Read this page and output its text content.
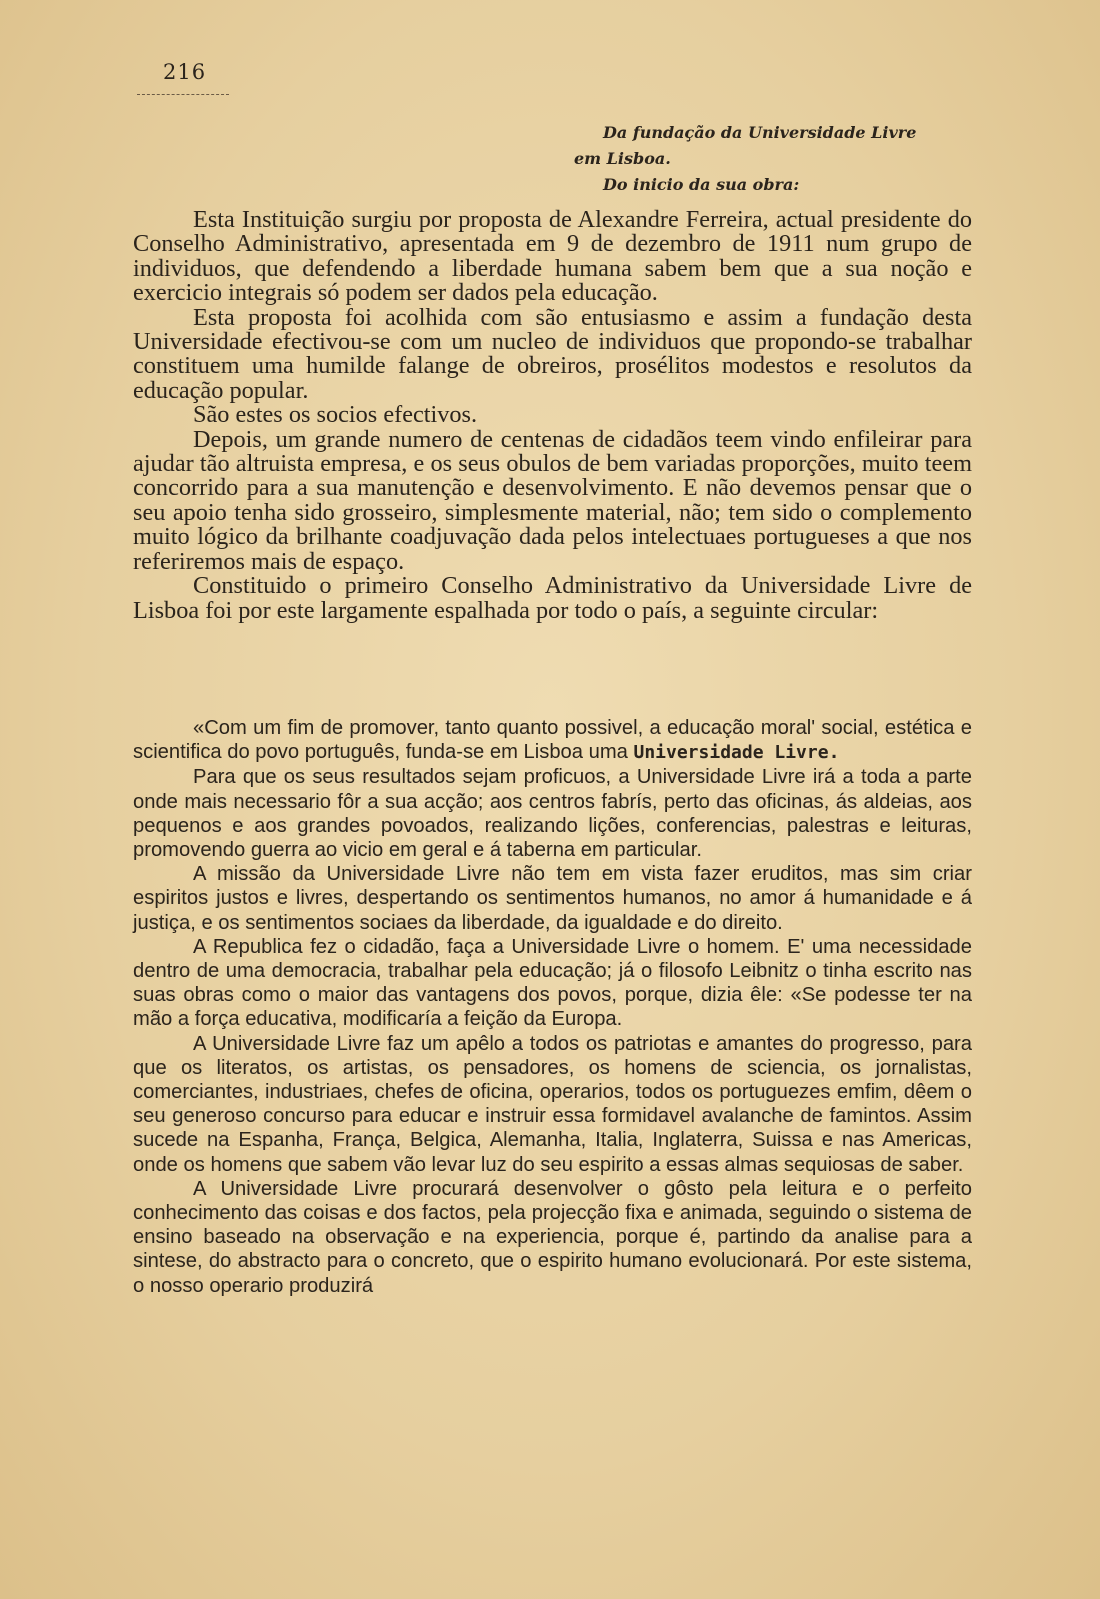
216
Da fundação da Universidade Livre
em Lisboa.
Do inicio da sua obra:

Esta Instituição surgiu por proposta de Alexandre Ferreira, actual presidente do Conselho Administrativo, apresentada em 9 de dezembro de 1911 num grupo de individuos, que defendendo a liberdade humana sabem bem que a sua noção e exercicio integrais só podem ser dados pela educação.

Esta proposta foi acolhida com são entusiasmo e assim a fundação desta Universidade efectivou-se com um nucleo de individuos que propondo-se trabalhar constituem uma humilde falange de obreiros, prosélitos modestos e resolutos da educação popular.

São estes os socios efectivos.

Depois, um grande numero de centenas de cidadãos teem vindo enfileirar para ajudar tão altruista empresa, e os seus obulos de bem variadas proporções, muito teem concorrido para a sua manutenção e desenvolvimento. E não devemos pensar que o seu apoio tenha sido grosseiro, simplesmente material, não; tem sido o complemento muito lógico da brilhante coadjuvação dada pelos intelectuaes portugueses a que nos referiremos mais de espaço.

Constituido o primeiro Conselho Administrativo da Universidade Livre de Lisboa foi por este largamente espalhada por todo o país, a seguinte circular:

«Com um fim de promover, tanto quanto possivel, a educação moral' social, estética e scientifica do povo português, funda-se em Lisboa uma Universidade Livre.

Para que os seus resultados sejam proficuos, a Universidade Livre irá a toda a parte onde mais necessario fôr a sua acção; aos centros fabrís, perto das oficinas, ás aldeias, aos pequenos e aos grandes povoados, realizando lições, conferencias, palestras e leituras, promovendo guerra ao vicio em geral e á taberna em particular.

A missão da Universidade Livre não tem em vista fazer eruditos, mas sim criar espiritos justos e livres, despertando os sentimentos humanos, no amor á humanidade e á justiça, e os sentimentos sociaes da liberdade, da igualdade e do direito.

A Republica fez o cidadão, faça a Universidade Livre o homem. E' uma necessidade dentro de uma democracia, trabalhar pela educação; já o filosofo Leibnitz o tinha escrito nas suas obras como o maior das vantagens dos povos, porque, dizia êle: «Se podesse ter na mão a força educativa, modificaría a feição da Europa.

A Universidade Livre faz um apêlo a todos os patriotas e amantes do progresso, para que os literatos, os artistas, os pensadores, os homens de sciencia, os jornalistas, comerciantes, industriaes, chefes de oficina, operarios, todos os portuguezes emfim, dêem o seu generoso concurso para educar e instruir essa formidavel avalanche de famintos. Assim sucede na Espanha, França, Belgica, Alemanha, Italia, Inglaterra, Suissa e nas Americas, onde os homens que sabem vão levar luz do seu espirito a essas almas sequiosas de saber.

A Universidade Livre procurará desenvolver o gôsto pela leitura e o perfeito conhecimento das coisas e dos factos, pela projecção fixa e animada, seguindo o sistema de ensino baseado na observação e na experiencia, porque é, partindo da analise para a sintese, do abstracto para o concreto, que o espirito humano evolucionará. Por este sistema, o nosso operario produzirá
